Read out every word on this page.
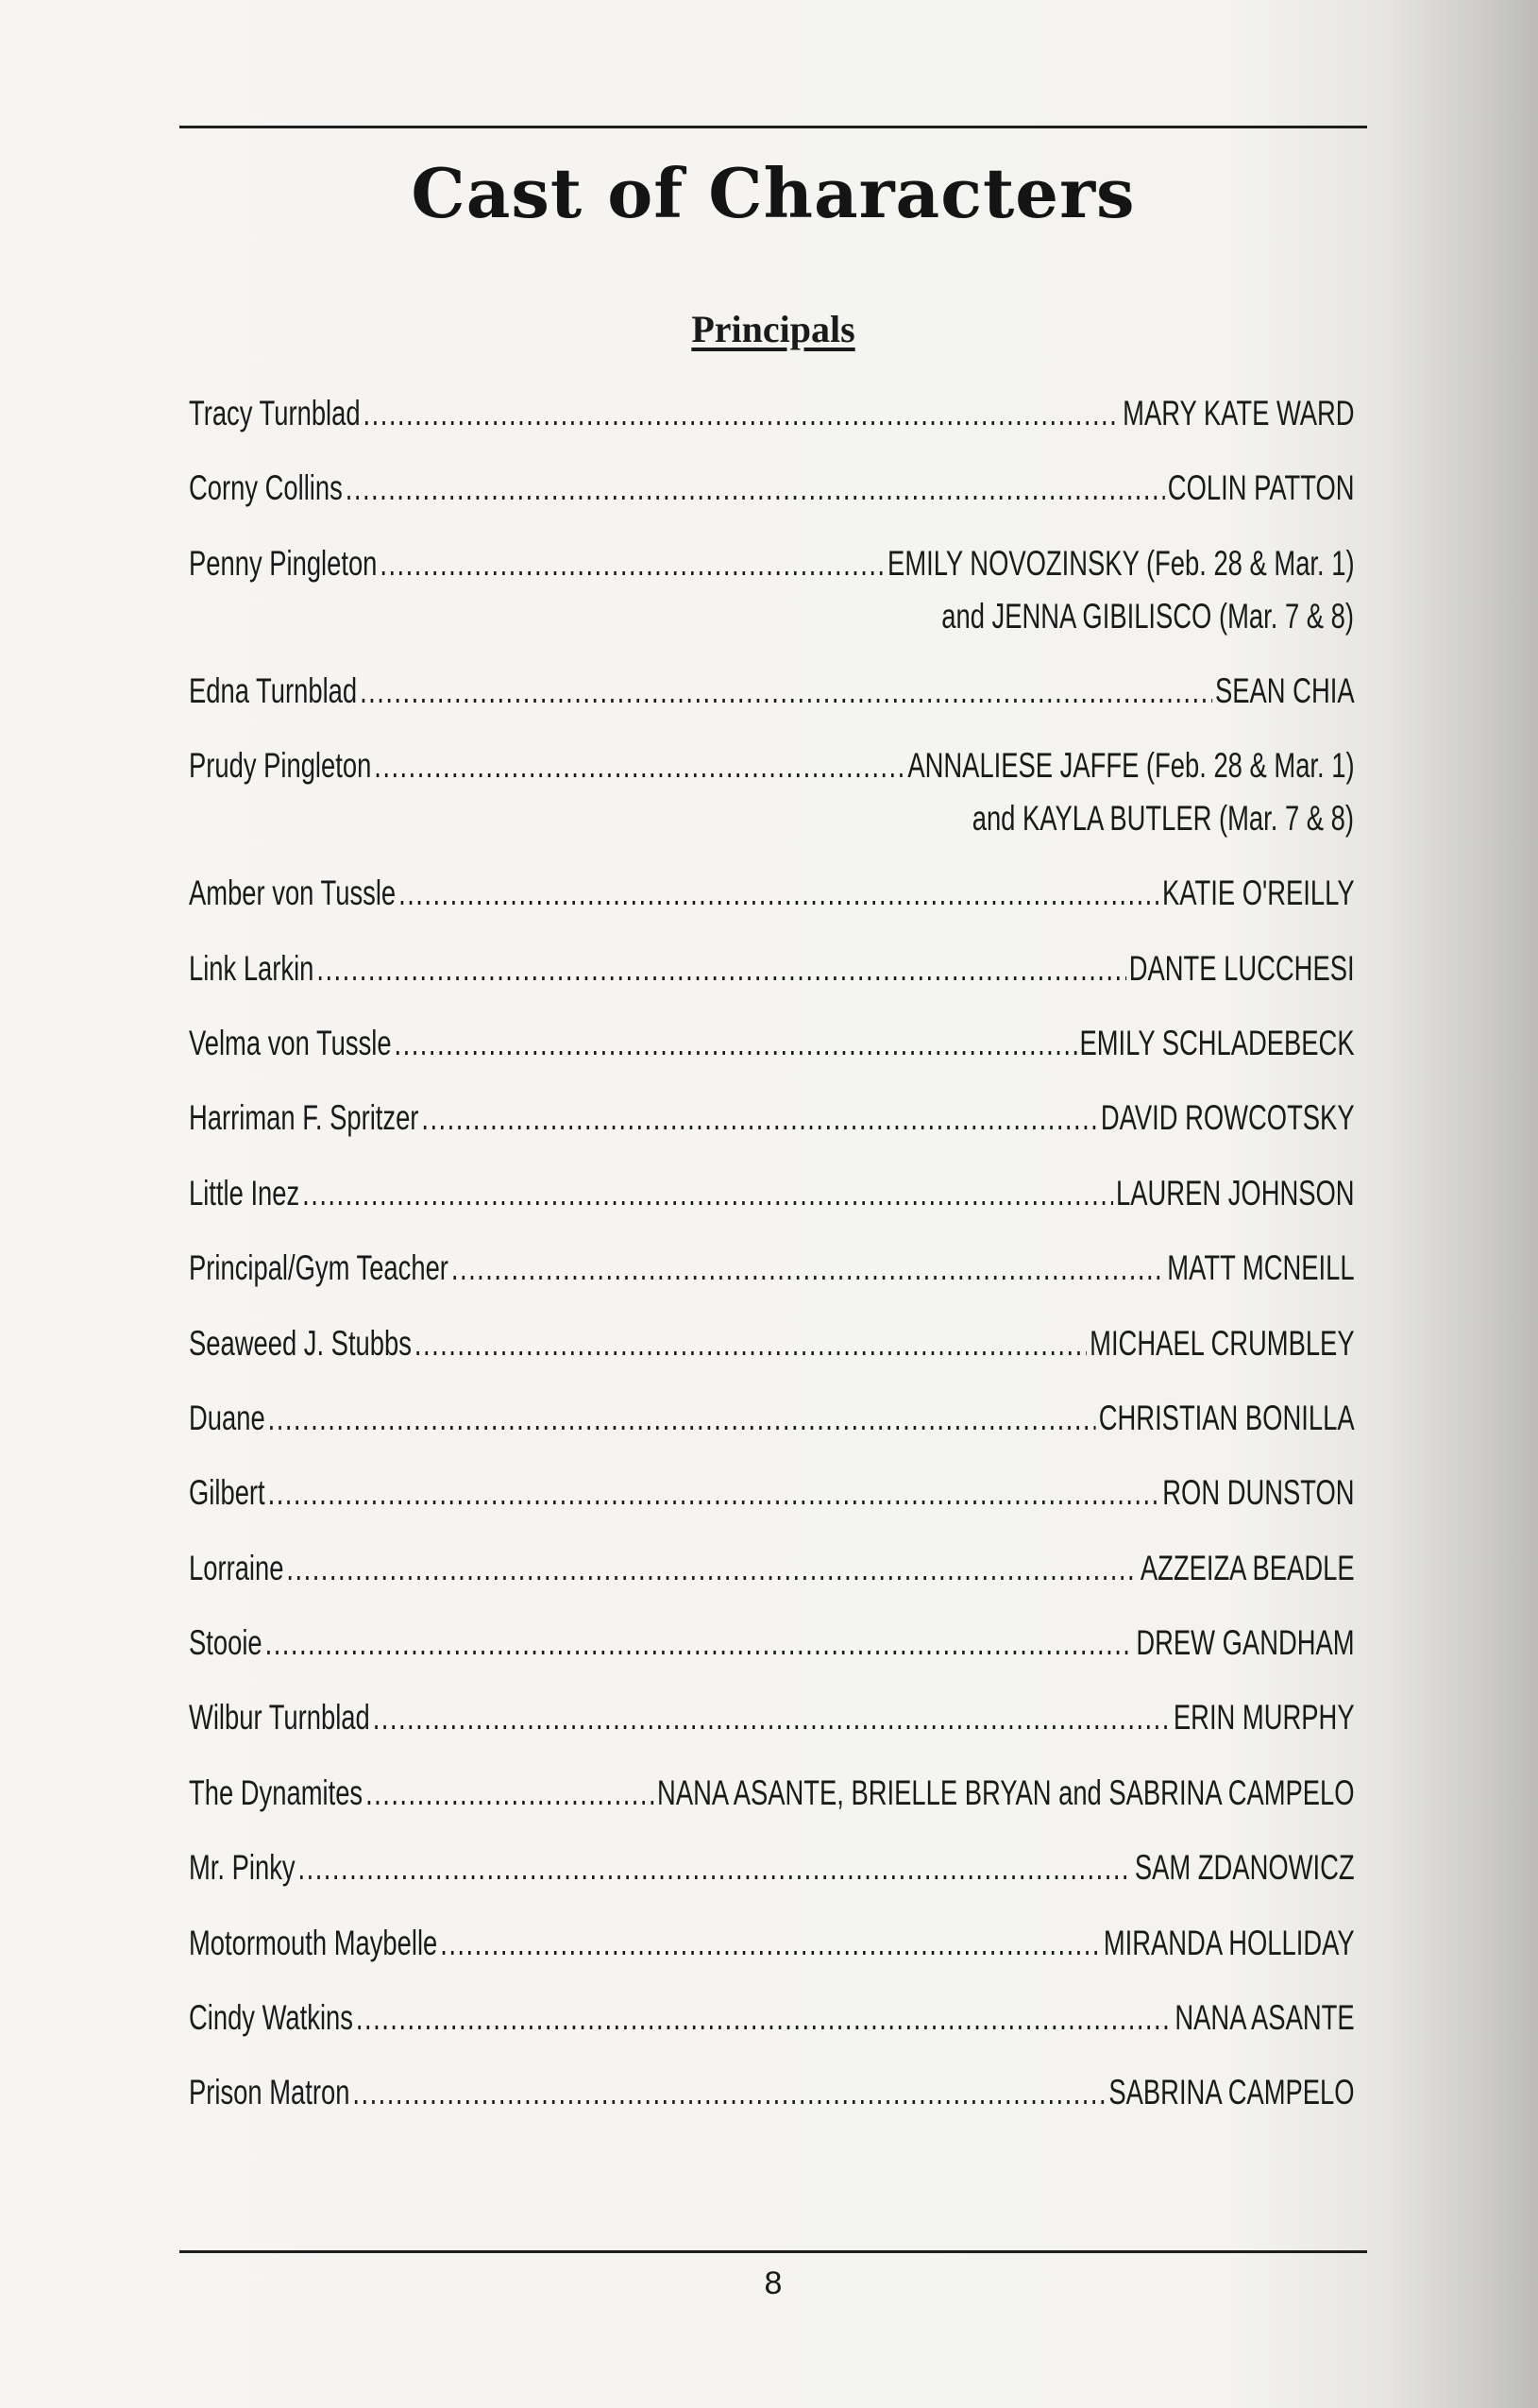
Cast of Characters
Principals
Tracy Turnblad .....	MARY KATE WARD
Corny Collins .....	COLIN PATTON
Penny Pingleton .....	EMILY NOVOZINSKY (Feb. 28 & Mar. 1)
and JENNA GIBILISCO (Mar. 7 & 8)
Edna Turnblad .....	SEAN CHIA
Prudy Pingleton .....	ANNALIESE JAFFE (Feb. 28 & Mar. 1)
and KAYLA BUTLER (Mar. 7 & 8)
Amber von Tussle .....	KATIE O'REILLY
Link Larkin .....	DANTE LUCCHESI
Velma von Tussle .....	EMILY SCHLADEBECK
Harriman F. Spritzer .....	DAVID ROWCOTSKY
Little Inez .....	LAUREN JOHNSON
Principal/Gym Teacher .....	MATT MCNEILL
Seaweed J. Stubbs .....	MICHAEL CRUMBLEY
Duane .....	CHRISTIAN BONILLA
Gilbert .....	RON DUNSTON
Lorraine .....	AZZEIZA BEADLE
Stooie .....	DREW GANDHAM
Wilbur Turnblad .....	ERIN MURPHY
The Dynamites .....	NANA ASANTE, BRIELLE BRYAN and SABRINA CAMPELO
Mr. Pinky .....	SAM ZDANOWICZ
Motormouth Maybelle .....	MIRANDA HOLLIDAY
Cindy Watkins .....	NANA ASANTE
Prison Matron .....	SABRINA CAMPELO
8
